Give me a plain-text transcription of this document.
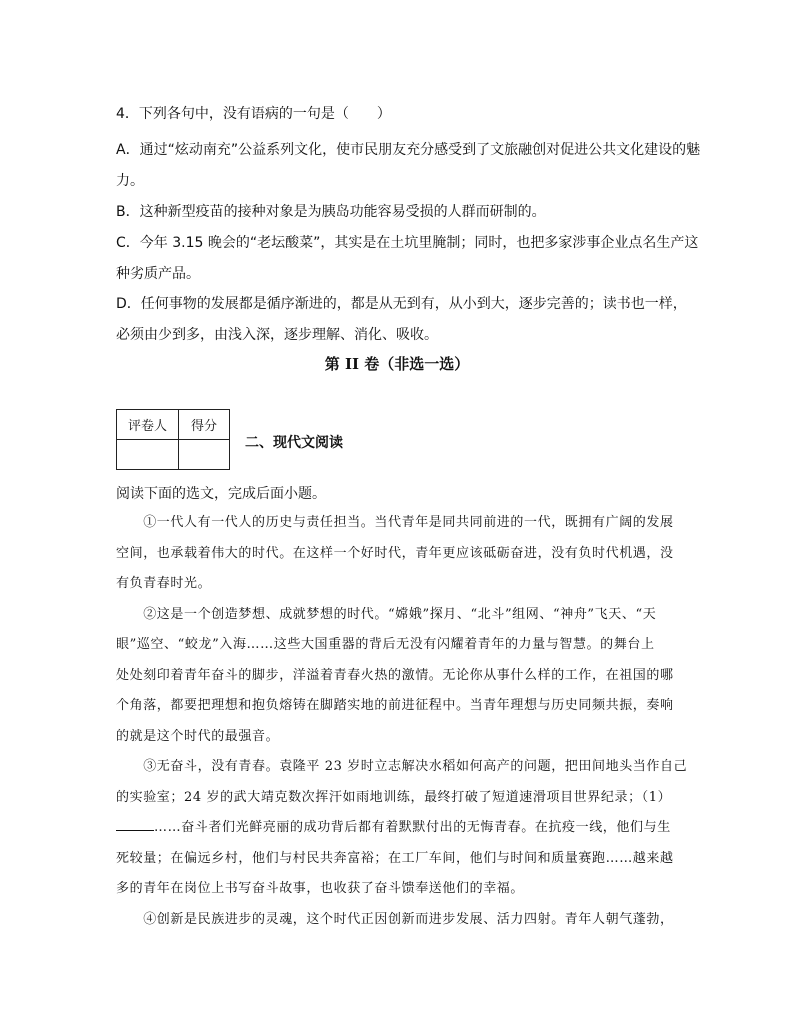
4．下列各句中，没有语病的一句是（　　）
A．通过“炫动南充”公益系列文化，使市民朋友充分感受到了文旅融创对促进公共文化建设的魅
力。
B．这种新型疫苗的接种对象是为胰岛功能容易受损的人群而研制的。
C．今年 3.15 晚会的“老坛酸菜”，其实是在土坑里腌制；同时，也把多家涉事企业点名生产这
种劣质产品。
D．任何事物的发展都是循序渐进的，都是从无到有，从小到大，逐步完善的；读书也一样，
必须由少到多，由浅入深，逐步理解、消化、吸收。
第 II 卷（非选一选）
评卷人	得分

二、现代文阅读
阅读下面的选文，完成后面小题。
　　①一代人有一代人的历史与责任担当。当代青年是同共同前进的一代，既拥有广阔的发展
空间，也承载着伟大的时代。在这样一个好时代，青年更应该砥砺奋进，没有负时代机遇，没
有负青春时光。
　　②这是一个创造梦想、成就梦想的时代。“嫦娥”探月、“北斗”组网、“神舟”飞天、“天
眼”巡空、“蛟龙”入海……这些大国重器的背后无没有闪耀着青年的力量与智慧。的舞台上
处处刻印着青年奋斗的脚步，洋溢着青春火热的激情。无论你从事什么样的工作，在祖国的哪
个角落，都要把理想和抱负熔铸在脚踏实地的前进征程中。当青年理想与历史同频共振，奏响
的就是这个时代的最强音。
　　③无奋斗，没有青春。袁隆平 23 岁时立志解决水稻如何高产的问题，把田间地头当作自己
的实验室；24 岁的武大靖克数次挥汗如雨地训练，最终打破了短道速滑项目世界纪录；（1）
……奋斗者们光鲜亮丽的成功背后都有着默默付出的无悔青春。在抗疫一线，他们与生
死较量；在偏远乡村，他们与村民共奔富裕；在工厂车间，他们与时间和质量赛跑……越来越
多的青年在岗位上书写奋斗故事，也收获了奋斗馈奉送他们的幸福。
　　④创新是民族进步的灵魂，这个时代正因创新而进步发展、活力四射。青年人朝气蓬勃，
